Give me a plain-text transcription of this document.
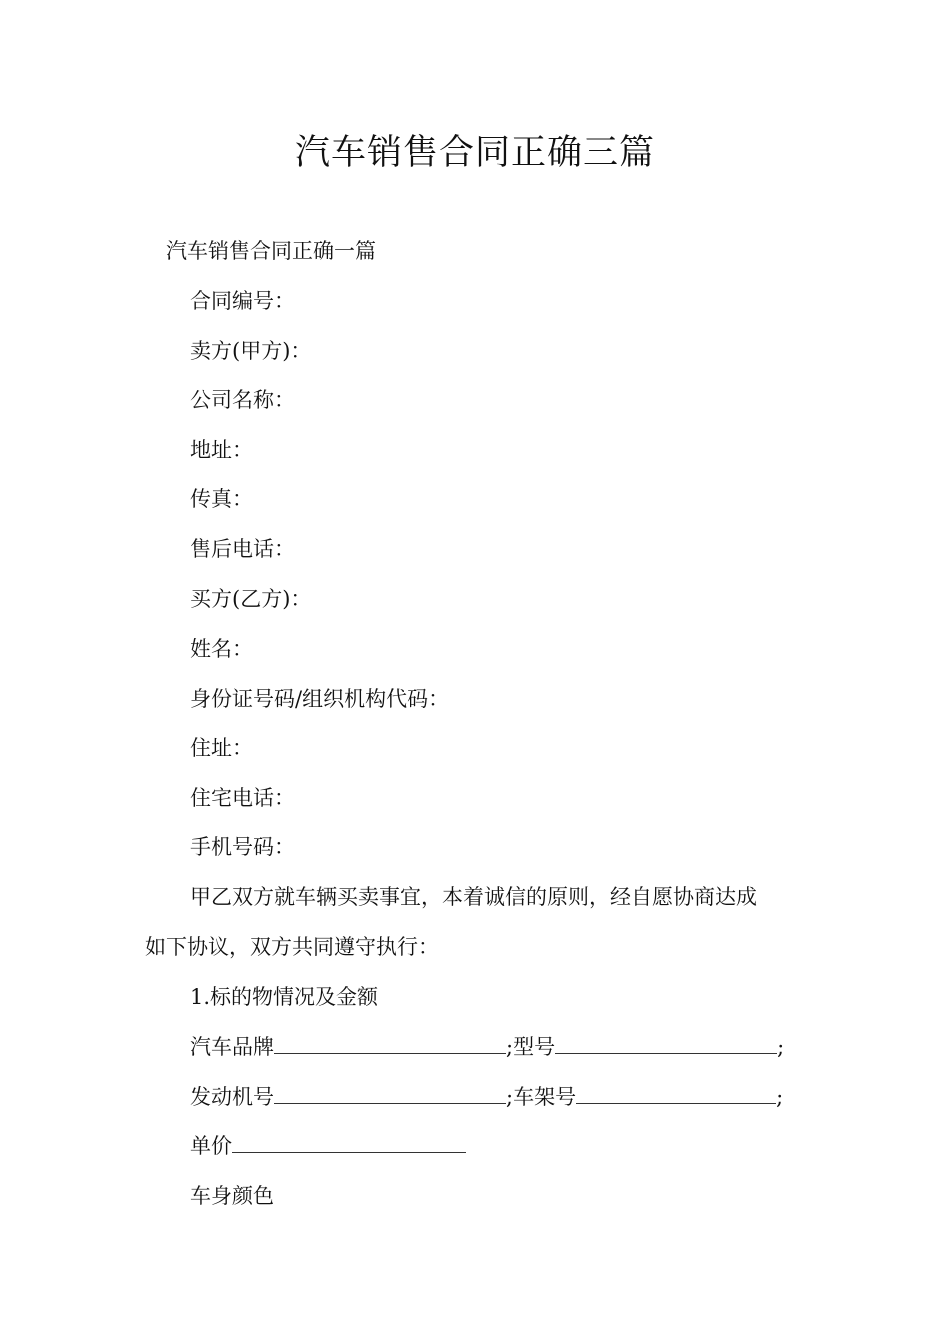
汽车销售合同正确三篇
汽车销售合同正确一篇
合同编号：
卖方(甲方)：
公司名称：
地址：
传真：
售后电话：
买方(乙方)：
姓名：
身份证号码/组织机构代码：
住址：
住宅电话：
手机号码：
甲乙双方就车辆买卖事宜，本着诚信的原则，经自愿协商达成
如下协议，双方共同遵守执行：
1.标的物情况及金额
汽车品牌	;型号	;
发动机号	;车架号	;
单价
车身颜色
